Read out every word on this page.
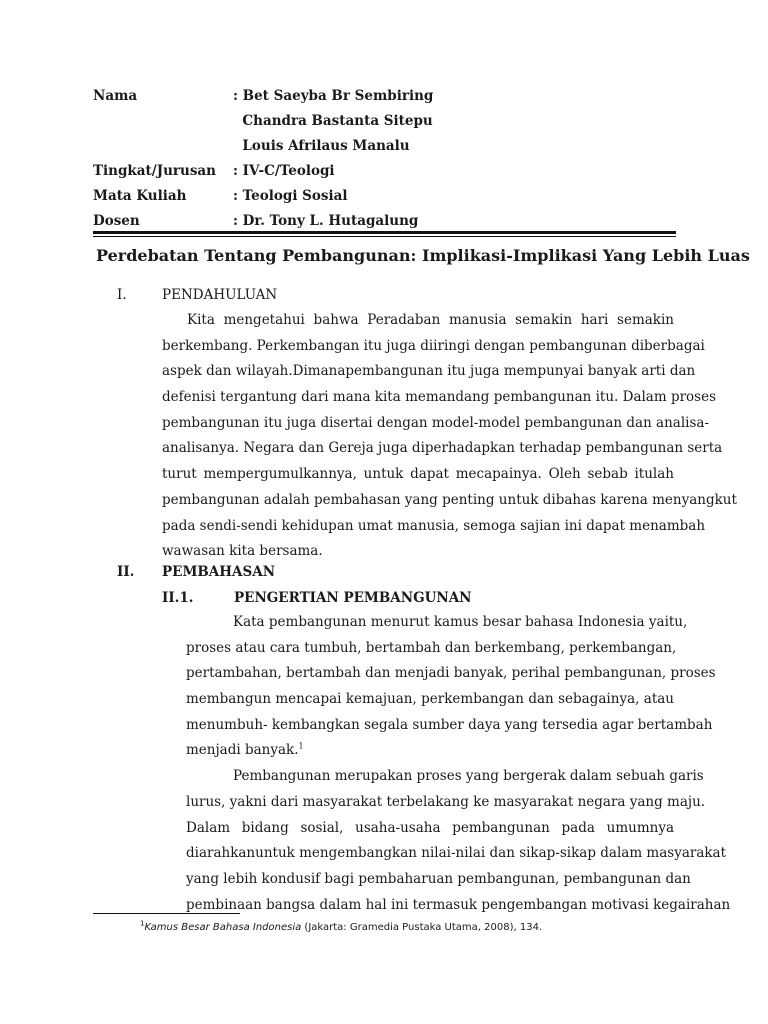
Nama	: Bet Saeyba Br Sembiring
Chandra Bastanta Sitepu
Louis Afrilaus Manalu
Tingkat/Jurusan : IV-C/Teologi
Mata Kuliah	: Teologi Sosial
Dosen	: Dr. Tony L. Hutagalung
Perdebatan Tentang Pembangunan: Implikasi-Implikasi Yang Lebih Luas
I.	PENDAHULUAN
Kita mengetahui bahwa Peradaban manusia semakin hari semakin
berkembang. Perkembangan itu juga diiringi dengan pembangunan diberbagai
aspek dan wilayah.Dimanapembangunan itu juga mempunyai banyak arti dan
defenisi tergantung dari mana kita memandang pembangunan itu. Dalam proses
pembangunan itu juga disertai dengan model-model pembangunan dan analisa-
analisanya. Negara dan Gereja juga diperhadapkan terhadap pembangunan serta
turut mempergumulkannya, untuk dapat mecapainya. Oleh sebab itulah
pembangunan adalah pembahasan yang penting untuk dibahas karena menyangkut
pada sendi-sendi kehidupan umat manusia, semoga sajian ini dapat menambah
wawasan kita bersama.
II. PEMBAHASAN
II.1.	PENGERTIAN PEMBANGUNAN
Kata pembangunan menurut kamus besar bahasa Indonesia yaitu,
proses atau cara tumbuh, bertambah dan berkembang, perkembangan,
pertambahan, bertambah dan menjadi banyak, perihal pembangunan, proses
membangun mencapai kemajuan, perkembangan dan sebagainya, atau
menumbuh- kembangkan segala sumber daya yang tersedia agar bertambah
menjadi banyak.$^1$
Pembangunan merupakan proses yang bergerak dalam sebuah garis
lurus, yakni dari masyarakat terbelakang ke masyarakat negara yang maju.
Dalam bidang sosial, usaha-usaha pembangunan pada umumnya
diarahkanuntuk mengembangkan nilai-nilai dan sikap-sikap dalam masyarakat
yang lebih kondusif bagi pembaharuan pembangunan, pembangunan dan
pembinaan bangsa dalam hal ini termasuk pengembangan motivasi kegairahan
$^1$Kamus Besar Bahasa Indonesia (Jakarta: Gramedia Pustaka Utama, 2008), 134.
